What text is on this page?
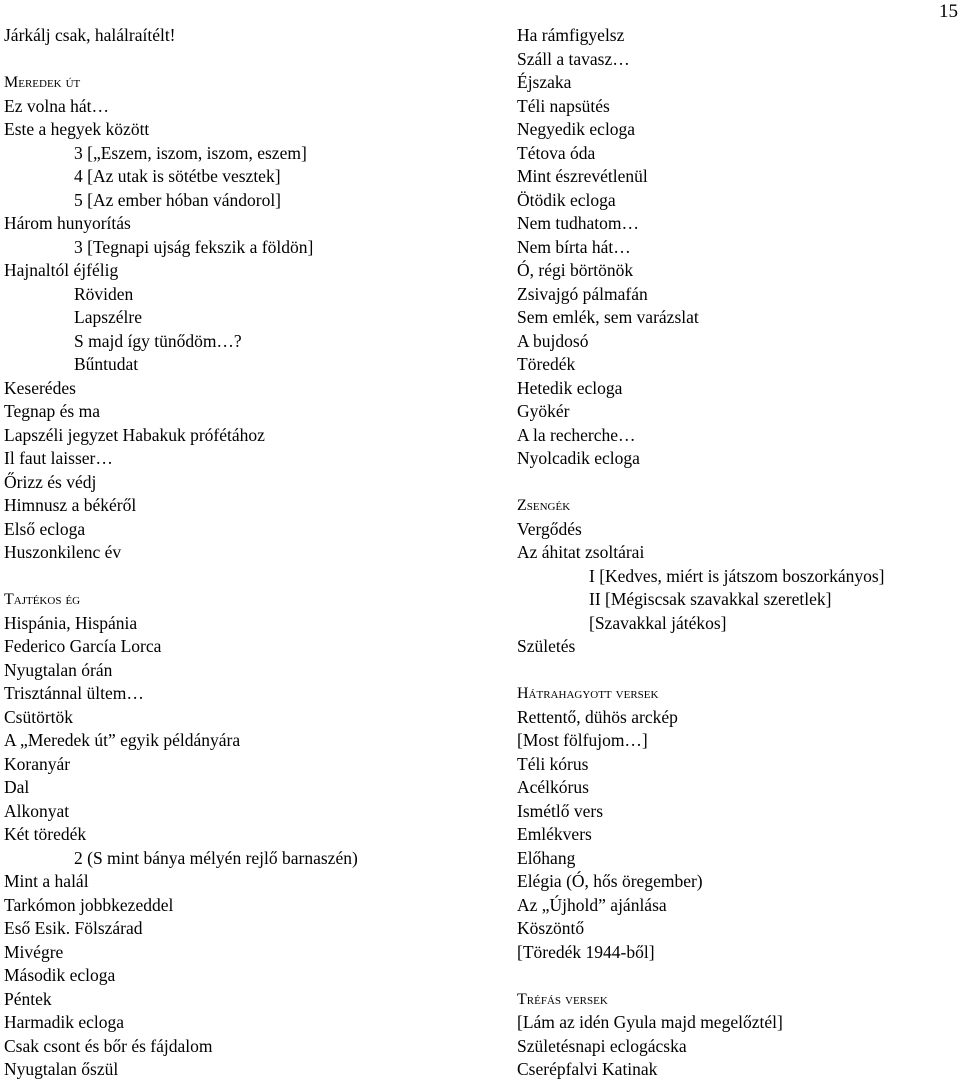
15
Járkálj csak, halálraítélt!
Meredek út
Ez volna hát…
Este a hegyek között
3 [„Eszem, iszom, iszom, eszem]
4 [Az utak is sötétbe vesztek]
5 [Az ember hóban vándorol]
Három hunyorítás
3 [Tegnapi ujság fekszik a földön]
Hajnaltól éjfélig
Röviden
Lapszélre
S majd így tünődöm…?
Bűntudat
Keserédes
Tegnap és ma
Lapszéli jegyzet Habakuk prófétához
Il faut laisser…
Őrizz és védj
Himnusz a békéről
Első ecloga
Huszonkilenc év
Tajtékos ég
Hispánia, Hispánia
Federico García Lorca
Nyugtalan órán
Trisztánnal ültem…
Csütörtök
A „Meredek út” egyik példányára
Koranyár
Dal
Alkonyat
Két töredék
2 (S mint bánya mélyén rejlő barnaszén)
Mint a halál
Tarkómon jobbkezeddel
Eső Esik. Fölszárad
Mivégre
Második ecloga
Péntek
Harmadik ecloga
Csak csont és bőr és fájdalom
Nyugtalan őszül
Ha rámfigyelsz
Száll a tavasz…
Éjszaka
Téli napsütés
Negyedik ecloga
Tétova óda
Mint észrevétlenül
Ötödik ecloga
Nem tudhatom…
Nem bírta hát…
Ó, régi börtönök
Zsivajgó pálmafán
Sem emlék, sem varázslat
A bujdosó
Töredék
Hetedik ecloga
Gyökér
A la recherche…
Nyolcadik ecloga
Zsengék
Vergődés
Az áhitat zsoltárai
I [Kedves, miért is játszom boszorkányos]
II [Mégiscsak szavakkal szeretlek]
[Szavakkal játékos]
Születés
Hátrahagyott versek
Rettentő, dühös arckép
[Most fölfujom…]
Téli kórus
Acélkórus
Ismétlő vers
Emlékvers
Előhang
Elégia (Ó, hős öregember)
Az „Újhold” ajánlása
Köszöntő
[Töredék 1944-ből]
Tréfás versek
[Lám az idén Gyula majd megelőztél]
Születésnapi eclogácska
Cserépfalvi Katinak
